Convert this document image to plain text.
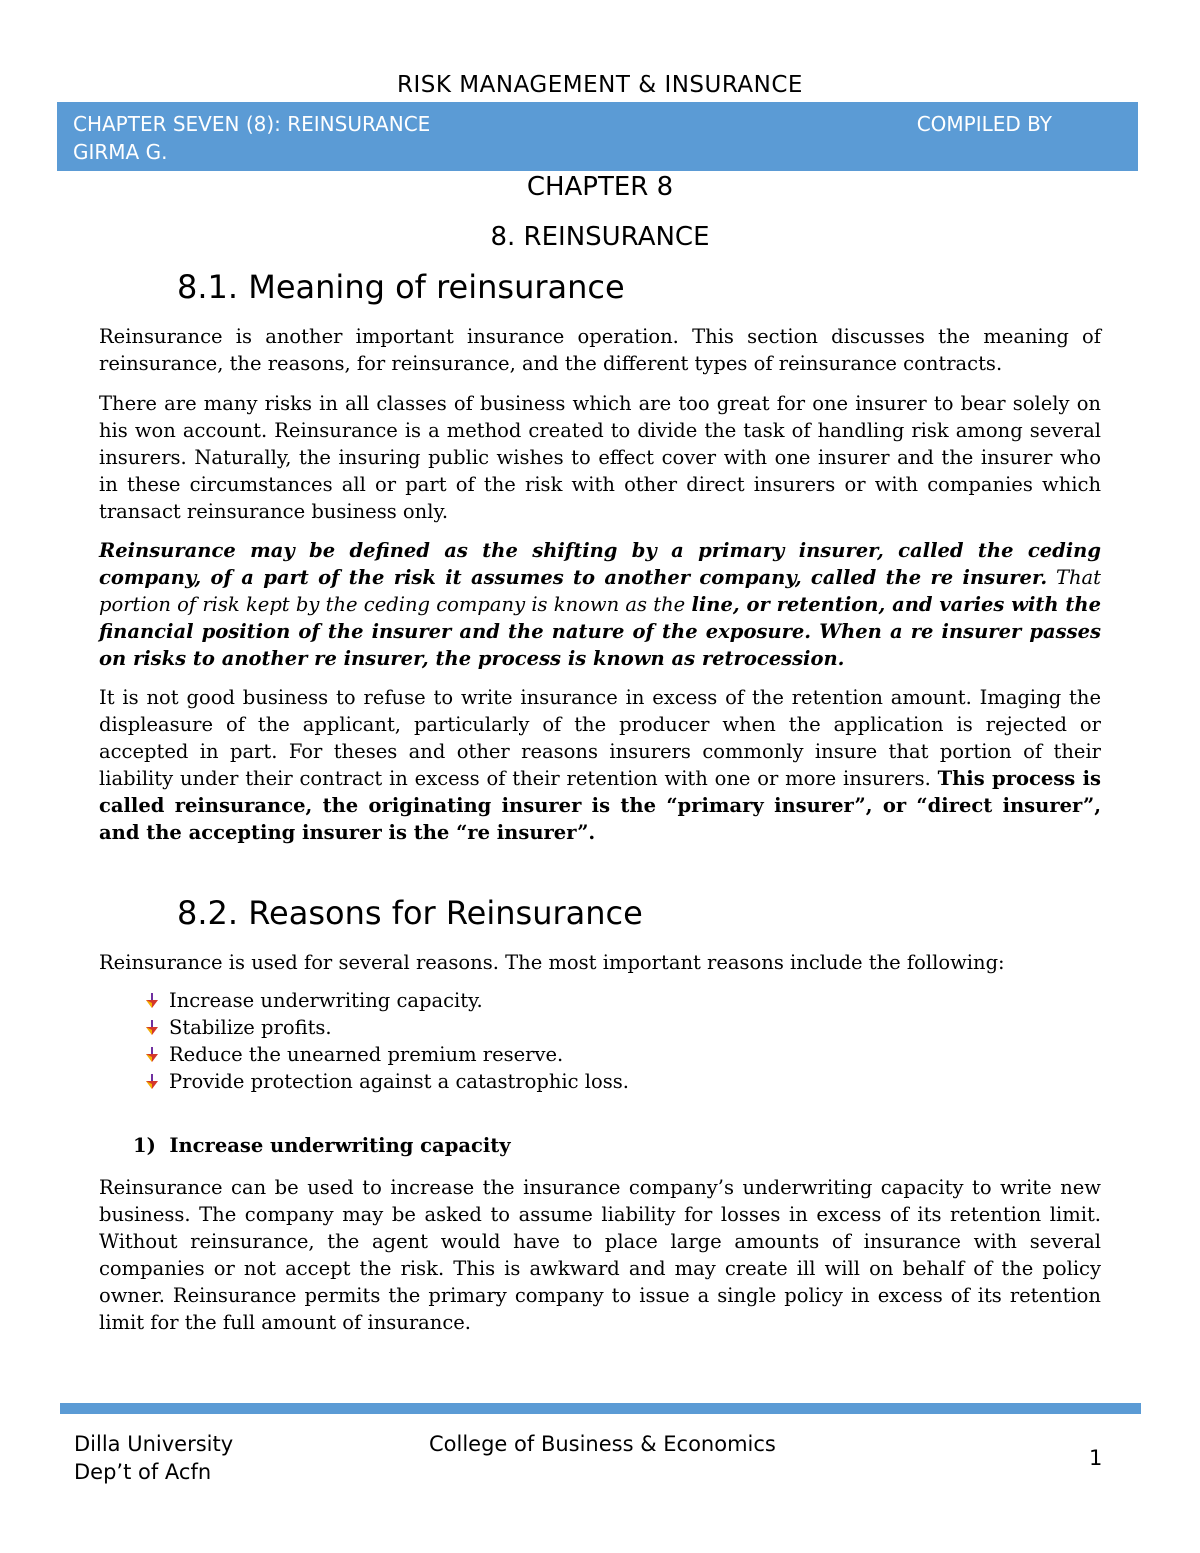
RISK MANAGEMENT & INSURANCE
CHAPTER SEVEN (8): REINSURANCE	COMPILED BY
GIRMA G.
CHAPTER 8
8. REINSURANCE
8.1. Meaning of reinsurance

Reinsurance is another important insurance operation. This section discusses the meaning of reinsurance, the reasons, for reinsurance, and the different types of reinsurance contracts.

There are many risks in all classes of business which are too great for one insurer to bear solely on his won account. Reinsurance is a method created to divide the task of handling risk among several insurers. Naturally, the insuring public wishes to effect cover with one insurer and the insurer who in these circumstances all or part of the risk with other direct insurers or with companies which transact reinsurance business only.

Reinsurance may be defined as the shifting by a primary insurer, called the ceding company, of a part of the risk it assumes to another company, called the re insurer. That portion of risk kept by the ceding company is known as the line, or retention, and varies with the financial position of the insurer and the nature of the exposure. When a re insurer passes on risks to another re insurer, the process is known as retrocession.

It is not good business to refuse to write insurance in excess of the retention amount. Imaging the displeasure of the applicant, particularly of the producer when the application is rejected or accepted in part. For theses and other reasons insurers commonly insure that portion of their liability under their contract in excess of their retention with one or more insurers. This process is called reinsurance, the originating insurer is the “primary insurer”, or “direct insurer”, and the accepting insurer is the “re insurer”.

8.2. Reasons for Reinsurance

Reinsurance is used for several reasons. The most important reasons include the following:

Increase underwriting capacity.
Stabilize profits.
Reduce the unearned premium reserve.
Provide protection against a catastrophic loss.
1)  Increase underwriting capacity

Reinsurance can be used to increase the insurance company’s underwriting capacity to write new business. The company may be asked to assume liability for losses in excess of its retention limit. Without reinsurance, the agent would have to place large amounts of insurance with several companies or not accept the risk. This is awkward and may create ill will on behalf of the policy owner. Reinsurance permits the primary company to issue a single policy in excess of its retention limit for the full amount of insurance.

Dilla University
Dep’t of Acfn
College of Business & Economics
1
